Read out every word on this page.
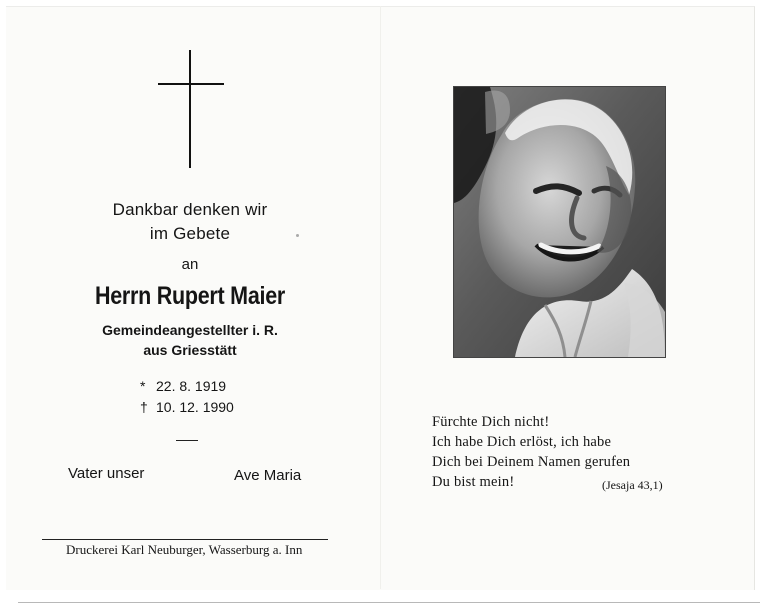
Dankbar denken wir
im Gebete
an
Herrn Rupert Maier
Gemeindeangestellter i. R.
aus Griesstätt
* 22. 8. 1919
† 10. 12. 1990
Vater unser	Ave Maria
Druckerei Karl Neuburger, Wasserburg a. Inn
Fürchte Dich nicht!
Ich habe Dich erlöst, ich habe
Dich bei Deinem Namen gerufen
Du bist mein!	(Jesaja 43,1)
